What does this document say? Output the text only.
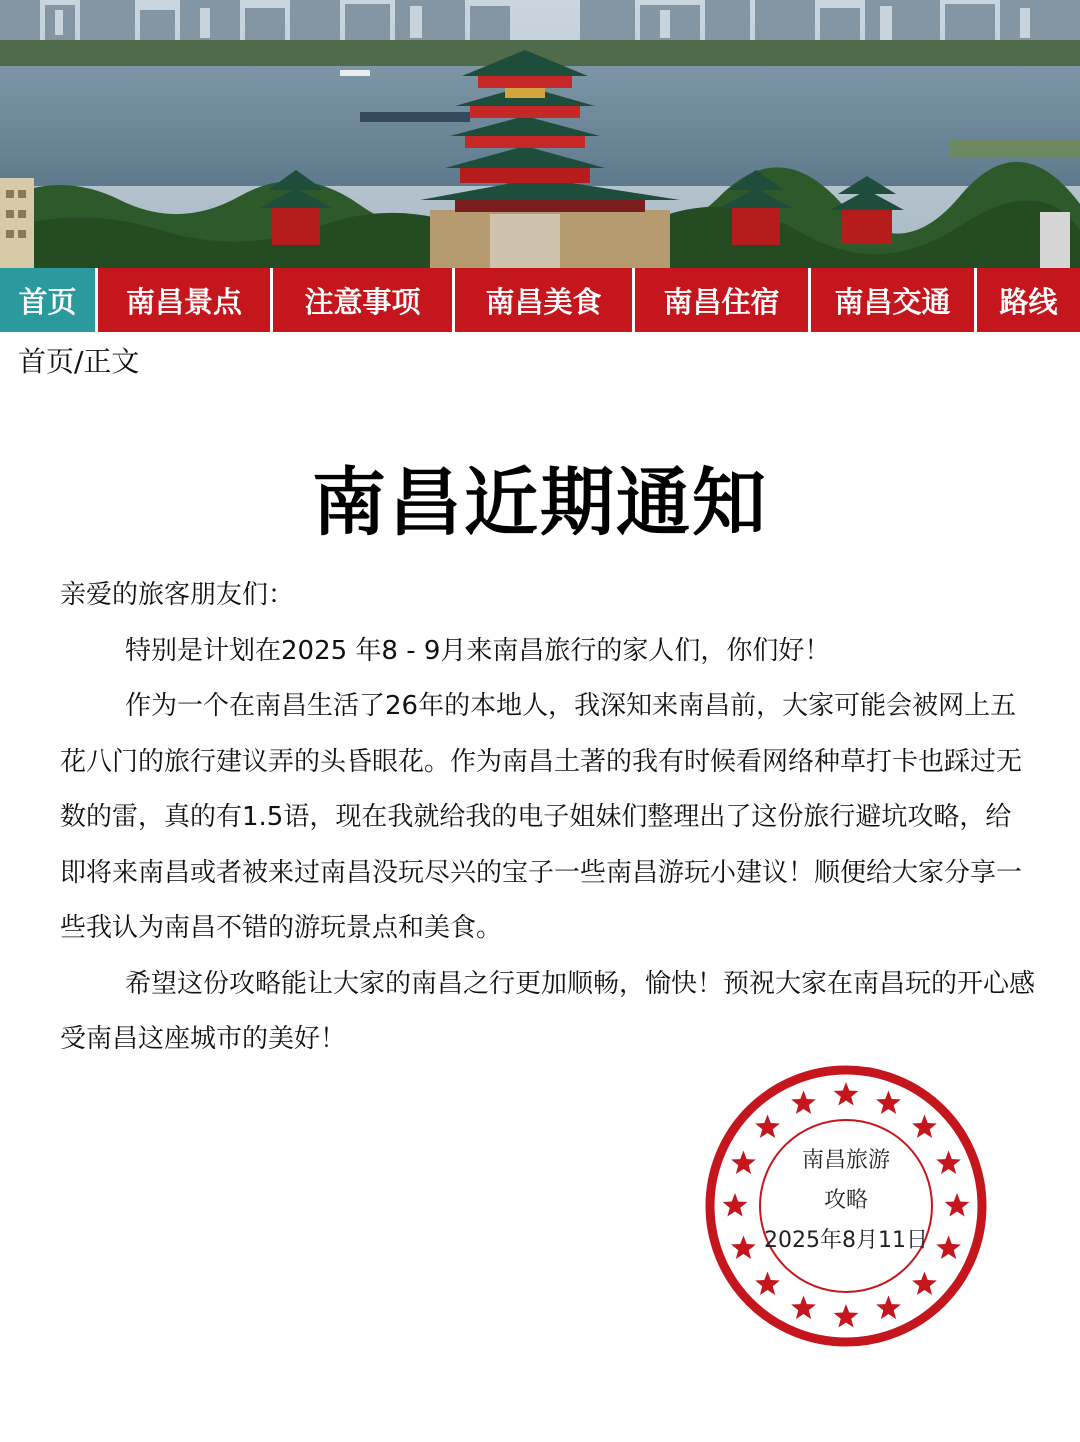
首页	南昌景点	注意事项	南昌美食	南昌住宿	南昌交通	路线
首页/正文
南昌近期通知

亲爱的旅客朋友们：

特别是计划在2025 年8 - 9月来南昌旅行的家人们，你们好！

作为一个在南昌生活了26年的本地人，我深知来南昌前，大家可能会被网上五花八门的旅行建议弄的头昏眼花。作为南昌土著的我有时候看网络种草打卡也踩过无数的雷，真的有1.5语，现在我就给我的电子姐妹们整理出了这份旅行避坑攻略，给即将来南昌或者被来过南昌没玩尽兴的宝子一些南昌游玩小建议！顺便给大家分享一些我认为南昌不错的游玩景点和美食。

希望这份攻略能让大家的南昌之行更加顺畅，愉快！预祝大家在南昌玩的开心感受南昌这座城市的美好！

南昌旅游
攻略
2025年8月11日
